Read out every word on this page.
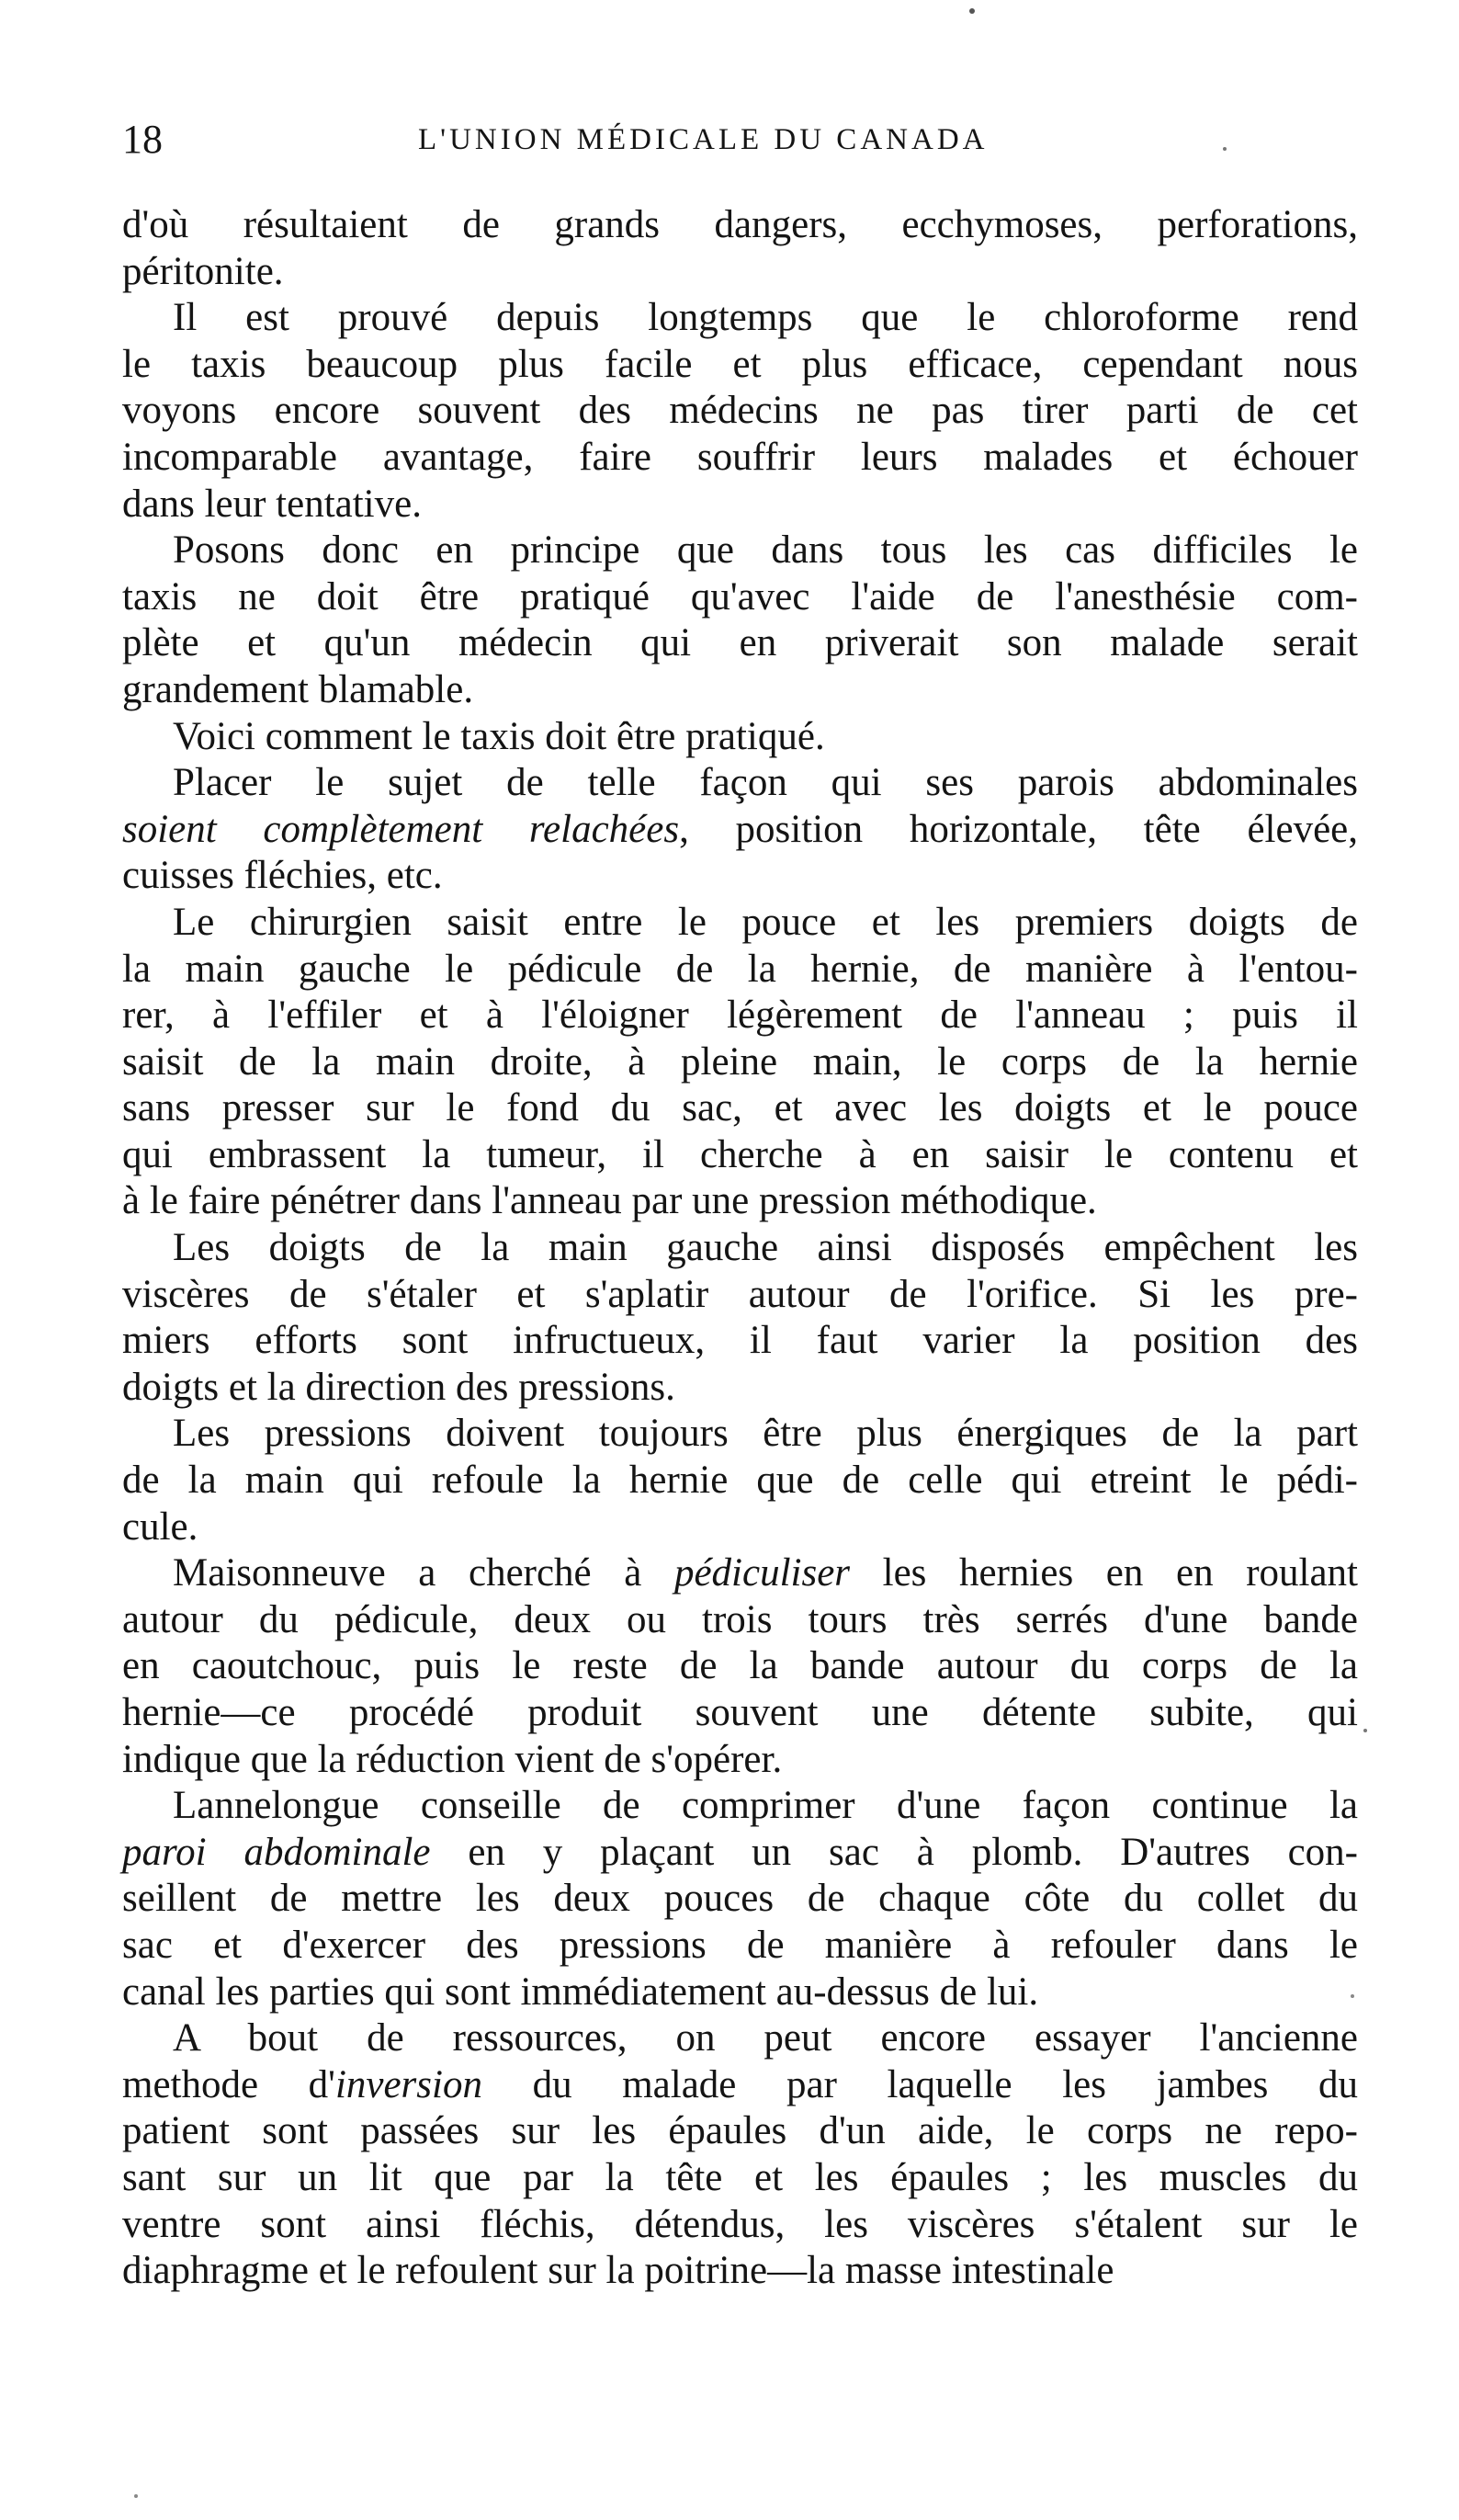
18	L'UNION MÉDICALE DU CANADA
d'où résultaient de grands dangers, ecchymoses, perforations,
péritonite.
Il est prouvé depuis longtemps que le chloroforme rend
le taxis beaucoup plus facile et plus efficace, cependant nous
voyons encore souvent des médecins ne pas tirer parti de cet
incomparable avantage, faire souffrir leurs malades et échouer
dans leur tentative.
Posons donc en principe que dans tous les cas difficiles le
taxis ne doit être pratiqué qu'avec l'aide de l'anesthésie com-
plète et qu'un médecin qui en priverait son malade serait
grandement blamable.
Voici comment le taxis doit être pratiqué.
Placer le sujet de telle façon qui ses parois abdominales
soient complètement relachées, position horizontale, tête élevée,
cuisses fléchies, etc.
Le chirurgien saisit entre le pouce et les premiers doigts de
la main gauche le pédicule de la hernie, de manière à l'entou-
rer, à l'effiler et à l'éloigner légèrement de l'anneau ; puis il
saisit de la main droite, à pleine main, le corps de la hernie
sans presser sur le fond du sac, et avec les doigts et le pouce
qui embrassent la tumeur, il cherche à en saisir le contenu et
à le faire pénétrer dans l'anneau par une pression méthodique.
Les doigts de la main gauche ainsi disposés empêchent les
viscères de s'étaler et s'aplatir autour de l'orifice. Si les pre-
miers efforts sont infructueux, il faut varier la position des
doigts et la direction des pressions.
Les pressions doivent toujours être plus énergiques de la part
de la main qui refoule la hernie que de celle qui etreint le pédi-
cule.
Maisonneuve a cherché à pédiculiser les hernies en en roulant
autour du pédicule, deux ou trois tours très serrés d'une bande
en caoutchouc, puis le reste de la bande autour du corps de la
hernie—ce procédé produit souvent une détente subite, qui
indique que la réduction vient de s'opérer.
Lannelongue conseille de comprimer d'une façon continue la
paroi abdominale en y plaçant un sac à plomb. D'autres con-
seillent de mettre les deux pouces de chaque côte du collet du
sac et d'exercer des pressions de manière à refouler dans le
canal les parties qui sont immédiatement au-dessus de lui.
A bout de ressources, on peut encore essayer l'ancienne
methode d'inversion du malade par laquelle les jambes du
patient sont passées sur les épaules d'un aide, le corps ne repo-
sant sur un lit que par la tête et les épaules ; les muscles du
ventre sont ainsi fléchis, détendus, les viscères s'étalent sur le
diaphragme et le refoulent sur la poitrine—la masse intestinale
